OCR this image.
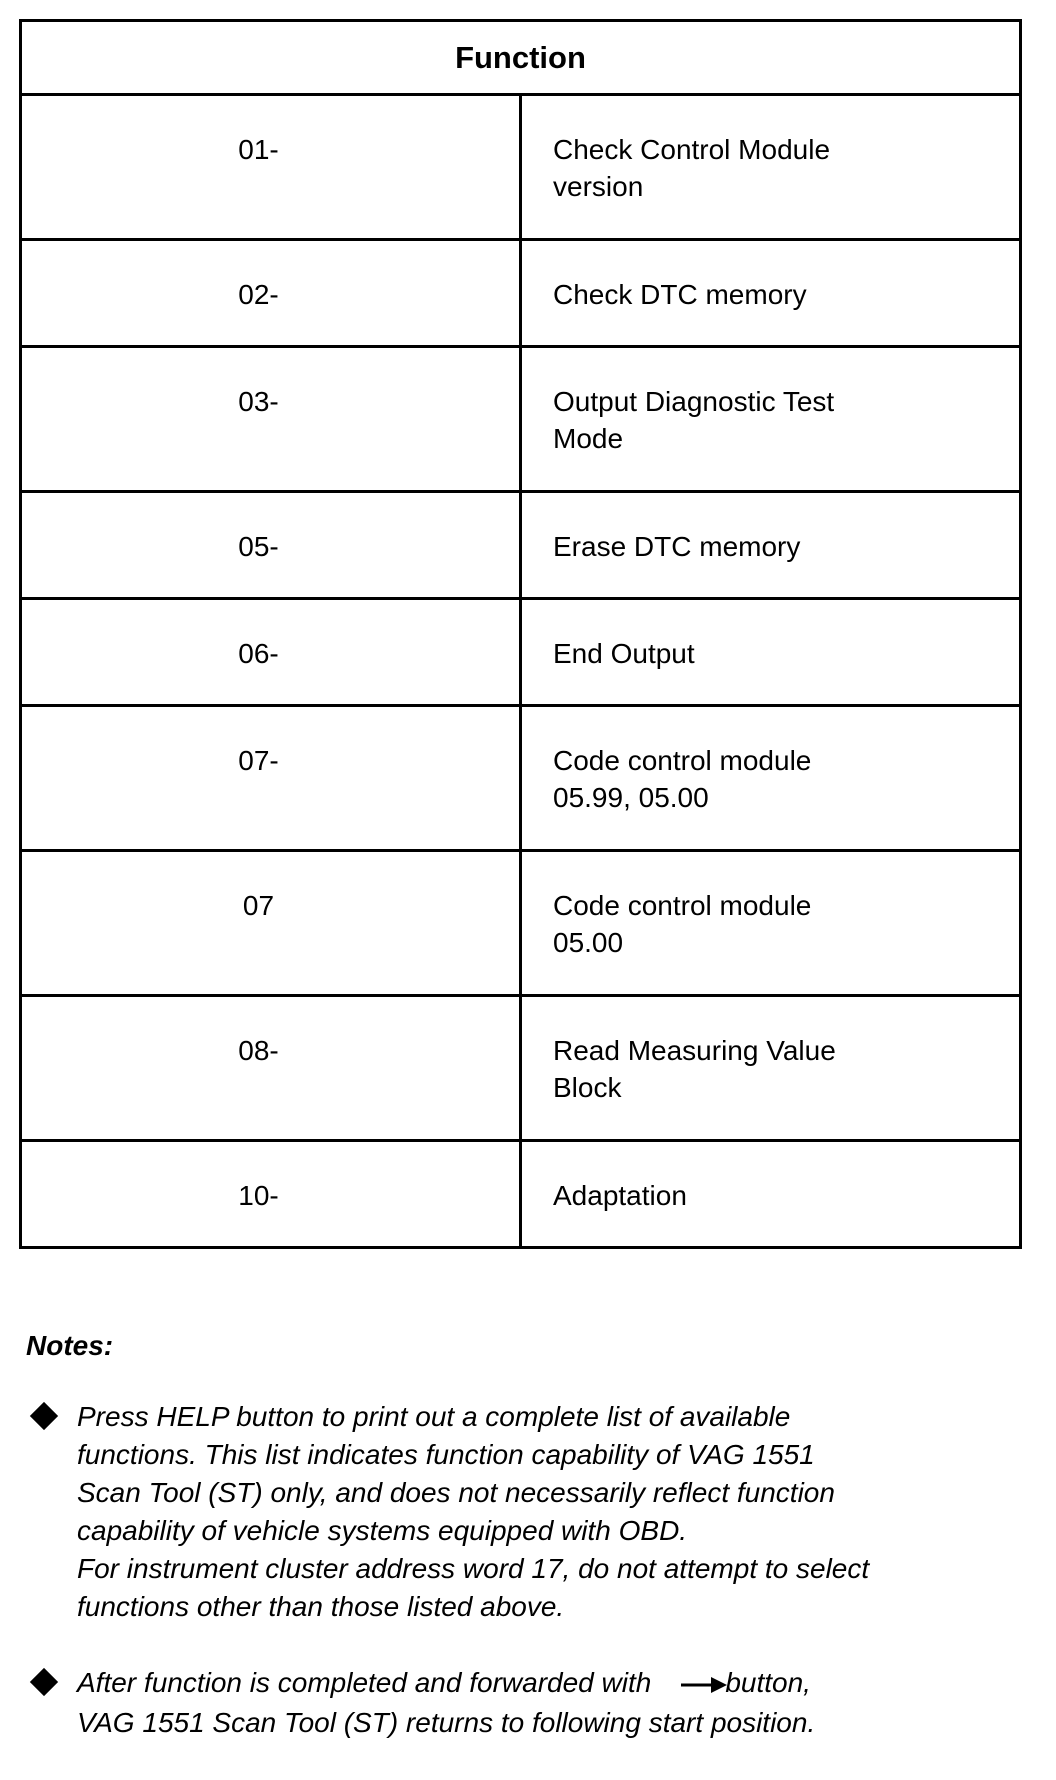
Function	
01-	Check Control Module
version

02-	Check DTC memory

03-	Output Diagnostic Test
Mode

05-	Erase DTC memory

06-	End Output

07-	Code control module
05.99, 05.00

07	Code control module
05.00

08-	Read Measuring Value
Block

10-	Adaptation
Notes:
Press HELP button to print out a complete list of available
functions. This list indicates function capability of VAG 1551
Scan Tool (ST) only, and does not necessarily reflect function
capability of vehicle systems equipped with OBD.
For instrument cluster address word 17, do not attempt to select
functions other than those listed above.
After function is completed and forwarded with	button,
VAG 1551 Scan Tool (ST) returns to following start position.
